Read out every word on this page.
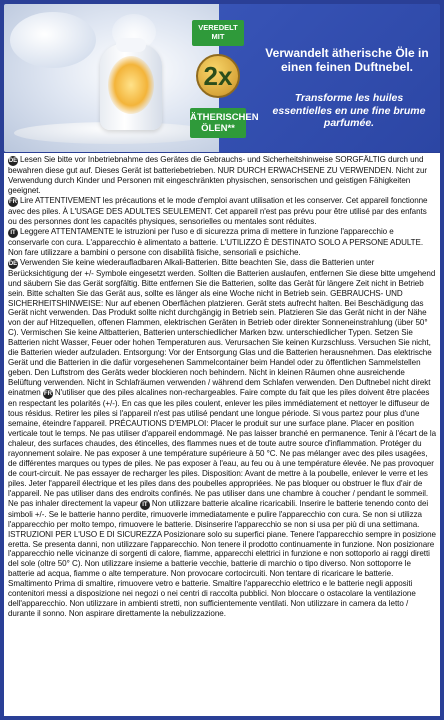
VEREDELT
MIT
2x
ÄTHERISCHEN
ÖLEN**
Verwandelt ätherische Öle in einen feinen Duftnebel.
Transforme les huiles essentielles en une fine brume parfumée.

DE Lesen Sie bitte vor Inbetriebnahme des Gerätes die Gebrauchs- und Sicherheitshinweise SORGFÄLTIG durch und bewahren diese gut auf. Dieses Gerät ist batteriebetrieben. NUR DURCH ERWACHSENE ZU VERWENDEN. Nicht zur Verwendung durch Kinder und Personen mit eingeschränkten physischen, sensorischen und geistigen Fähigkeiten geeignet.

FR Lire ATTENTIVEMENT les précautions et le mode d'emploi avant utilisation et les conserver. Cet appareil fonctionne avec des piles. À L'USAGE DES ADULTES SEULEMENT. Cet appareil n'est pas prévu pour être utilisé par des enfants ou des personnes dont les capacités physiques, sensorielles ou mentales sont réduites.

IT Leggere ATTENTAMENTE le istruzioni per l'uso e di sicurezza prima di mettere in funzione l'apparecchio e conservarle con cura. L'apparecchio è alimentato a batterie. L'UTILIZZO È DESTINATO SOLO A PERSONE ADULTE. Non fare utilizzare a bambini o persone con disabilità fisiche, sensoriali e psichiche.

DE Verwenden Sie keine wiederaufladbaren Alkali-Batterien. Bitte beachten Sie, dass die Batterien unter Berücksichtigung der +/- Symbole eingesetzt werden. Sollten die Batterien auslaufen, entfernen Sie diese bitte umgehend und säubern Sie das Gerät sorgfältig. Bitte entfernen Sie die Batterien, sollte das Gerät für längere Zeit nicht in Betrieb sein. Bitte schalten Sie das Gerät aus, sollte es länger als eine Woche nicht in Betrieb sein. GEBRAUCHS- UND SICHERHEITSHINWEISE: Nur auf ebenen Oberflächen platzieren. Gerät stets aufrecht halten. Bei Beschädigung das Gerät nicht verwenden. Das Produkt sollte nicht durchgängig in Betrieb sein. Platzieren Sie das Gerät nicht in der Nähe von der auf Hitzequellen, offenen Flammen, elektrischen Geräten in Betrieb oder direkter Sonneneinstrahlung (über 50° C). Vermischen Sie keine Altbatterien, Batterien unterschiedlicher Marken bzw. unterschiedlicher Typen. Setzen Sie Batterien nicht Wasser, Feuer oder hohen Temperaturen aus. Verursachen Sie keinen Kurzschluss. Versuchen Sie nicht, die Batterien wieder aufzuladen. Entsorgung: Vor der Entsorgung Glas und die Batterien herausnehmen. Das elektrische Gerät und die Batterien in die dafür vorgesehenen Sammelcontainer beim Handel oder zu öffentlichen Sammelstellen geben. Den Luftstrom des Geräts weder blockieren noch behindern. Nicht in kleinen Räumen ohne ausreichende Belüftung verwenden. Nicht in Schlafräumen verwenden / während dem Schlafen verwenden. Den Duftnebel nicht direkt einatmen FR N'utiliser que des piles alcalines non-rechargeables. Faire compte du fait que les piles doivent être placées en respectant les polarités (+/-). En cas que les piles coulent, enlever les piles immédiatement et nettoyer le diffuseur de tous résidus. Retirer les piles si l'appareil n'est pas utilisé pendant une longue période. Si vous partez pour plus d'une semaine, éteindre l'appareil. PRÉCAUTIONS D'EMPLOI: Placer le produit sur une surface plane. Placer en position verticale tout le temps. Ne pas utiliser d'appareil endommagé. Ne pas laisser branché en permanence. Tenir à l'écart de la chaleur, des surfaces chaudes, des étincelles, des flammes nues et de toute autre source d'inflammation. Protéger du rayonnement solaire. Ne pas exposer à une température supérieure à 50 °C. Ne pas mélanger avec des piles usagées, de différentes marques ou types de piles. Ne pas exposer à l'eau, au feu ou à une température élevée. Ne pas provoquer de court-circuit. Ne pas essayer de recharger les piles. Disposition: Avant de mettre à la poubelle, enlever le verre et les piles. Jeter l'appareil électrique et les piles dans des poubelles appropriées. Ne pas bloquer ou obstruer le flux d'air de l'appareil. Ne pas utiliser dans des endroits confinés. Ne pas utiliser dans une chambre à coucher / pendant le sommeil. Ne pas inhaler directement la vapeur IT Non utilizzare batterie alcaline ricaricabili. Inserire le batterie tenendo conto dei simboli +/-. Se le batterie hanno perdite, rimuoverle immediatamente e pulire l'apparecchio con cura. Se non si utilizza l'apparecchio per molto tempo, rimuovere le batterie. Disinserire l'apparecchio se non si usa per più di una settimana. ISTRUZIONI PER L'USO E DI SICUREZZA Posizionare solo su superfici piane. Tenere l'apparecchio sempre in posizione eretta. Se presenta danni, non utilizzare l'apparecchio. Non tenere il prodotto continuamente in funzione. Non posizionare l'apparecchio nelle vicinanze di sorgenti di calore, fiamme, apparecchi elettrici in funzione e non sottoporlo ai raggi diretti del sole (oltre 50° C). Non utilizzare insieme a batterie vecchie, batterie di marchio o tipo diverso. Non sottoporre le batterie ad acqua, fiamme o alte temperature. Non provocare cortocircuiti. Non tentare di ricaricare le batterie. Smaltimento Prima di smaltire, rimuovere vetro e batterie. Smaltire l'apparecchio elettrico e le batterie negli appositi contenitori messi a disposizione nei negozi o nei centri di raccolta pubblici. Non bloccare o ostacolare la ventilazione dell'apparecchio. Non utilizzare in ambienti stretti, non sufficientemente ventilati. Non utilizzare in camera da letto / durante il sonno. Non aspirare direttamente la nebulizzazione.
